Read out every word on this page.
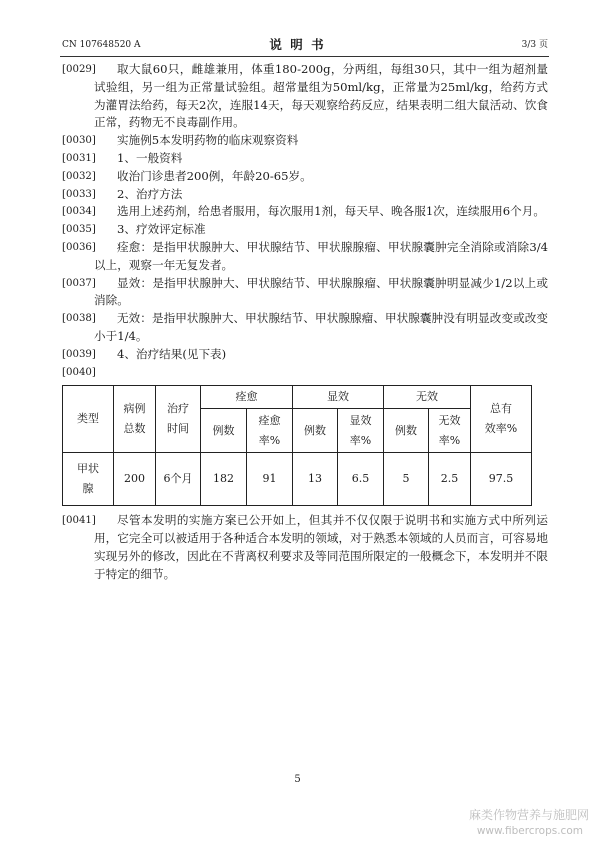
CN 107648520 A	说 明 书	3/3 页
[0029]	取大鼠60只，雌雄兼用，体重180-200g，分两组，每组30只，其中一组为超剂量试验组，另一组为正常量试验组。超常量组为50ml/kg，正常量为25ml/kg，给药方式为灌胃法给药，每天2次，连服14天，每天观察给药反应，结果表明二组大鼠活动、饮食正常，药物无不良毒副作用。
[0030]	实施例5本发明药物的临床观察资料
[0031]	1、一般资料
[0032]	收治门诊患者200例，年龄20-65岁。
[0033]	2、治疗方法
[0034]	选用上述药剂，给患者服用，每次服用1剂，每天早、晚各服1次，连续服用6个月。
[0035]	3、疗效评定标准
[0036]	痊愈：是指甲状腺肿大、甲状腺结节、甲状腺腺瘤、甲状腺囊肿完全消除或消除3/4以上，观察一年无复发者。
[0037]	显效：是指甲状腺肿大、甲状腺结节、甲状腺腺瘤、甲状腺囊肿明显减少1/2以上或消除。
[0038]	无效：是指甲状腺肿大、甲状腺结节、甲状腺腺瘤、甲状腺囊肿没有明显改变或改变小于1/4。
[0039]	4、治疗结果(见下表)
[0040]
类型	病例总数	治疗时间	痊愈		显效		无效		总有效率%
			例数	痊愈率%	例数	显效率%	例数	无效率%	
甲状腺	200	6个月	182	91	13	6.5	5	2.5	97.5
[0041]	尽管本发明的实施方案已公开如上，但其并不仅仅限于说明书和实施方式中所列运用，它完全可以被适用于各种适合本发明的领域，对于熟悉本领域的人员而言，可容易地实现另外的修改，因此在不背离权利要求及等同范围所限定的一般概念下，本发明并不限于特定的细节。
5
麻类作物营养与施肥网
www.fibercrops.com
